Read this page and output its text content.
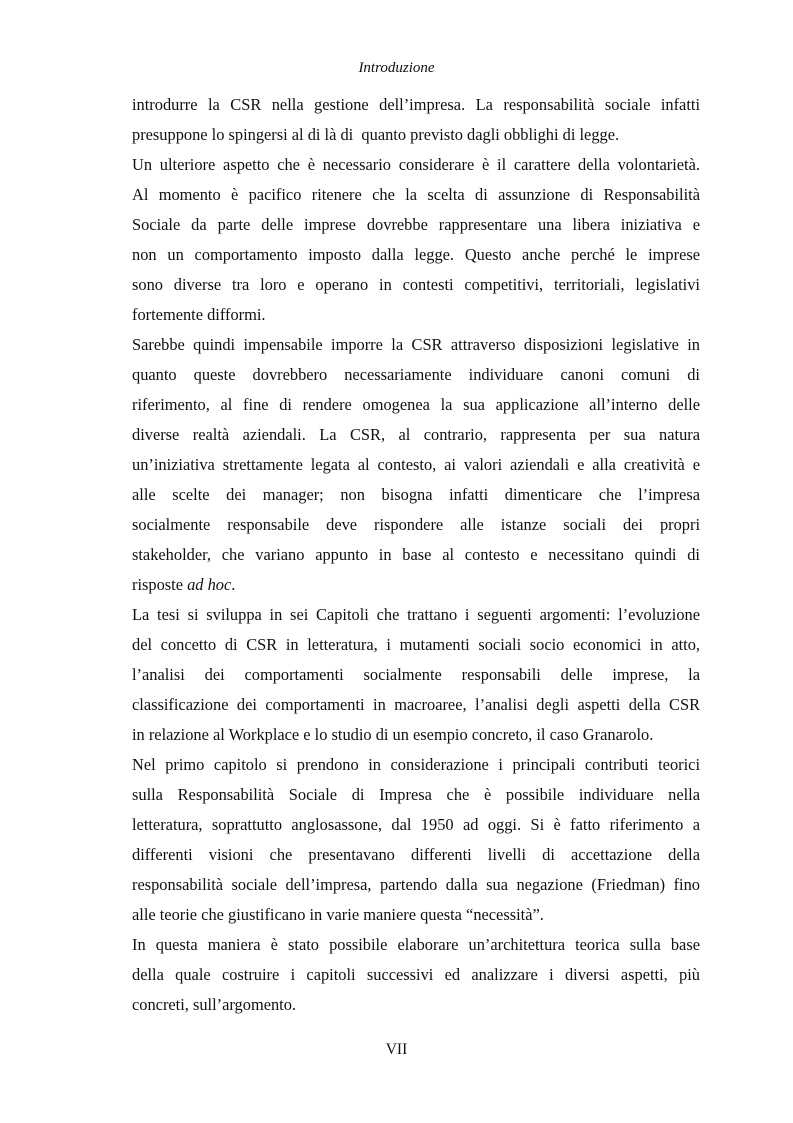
Introduzione
introdurre la CSR nella gestione dell’impresa. La responsabilità sociale infatti
presuppone lo spingersi al di là di  quanto previsto dagli obblighi di legge.
Un ulteriore aspetto che è necessario considerare è il carattere della volontarietà.
Al momento è pacifico ritenere che la scelta di assunzione di Responsabilità
Sociale da parte delle imprese dovrebbe rappresentare una libera iniziativa e
non un comportamento imposto dalla legge. Questo anche perché le imprese
sono diverse tra loro e operano in contesti competitivi, territoriali, legislativi
fortemente difformi.
Sarebbe quindi impensabile imporre la CSR attraverso disposizioni legislative in
quanto queste dovrebbero necessariamente individuare canoni comuni di
riferimento, al fine di rendere omogenea la sua applicazione all’interno delle
diverse realtà aziendali. La CSR, al contrario, rappresenta per sua natura
un’iniziativa strettamente legata al contesto, ai valori aziendali e alla creatività e
alle scelte dei manager; non bisogna infatti dimenticare che l’impresa
socialmente responsabile deve rispondere alle istanze sociali dei propri
stakeholder, che variano appunto in base al contesto e necessitano quindi di
risposte ad hoc.
La tesi si sviluppa in sei Capitoli che trattano i seguenti argomenti: l’evoluzione
del concetto di CSR in letteratura, i mutamenti sociali socio economici in atto,
l’analisi dei comportamenti socialmente responsabili delle imprese, la
classificazione dei comportamenti in macroaree, l’analisi degli aspetti della CSR
in relazione al Workplace e lo studio di un esempio concreto, il caso Granarolo.
Nel primo capitolo si prendono in considerazione i principali contributi teorici
sulla Responsabilità Sociale di Impresa che è possibile individuare nella
letteratura, soprattutto anglosassone, dal 1950 ad oggi. Si è fatto riferimento a
differenti visioni che presentavano differenti livelli di accettazione della
responsabilità sociale dell’impresa, partendo dalla sua negazione (Friedman) fino
alle teorie che giustificano in varie maniere questa “necessità”.
In questa maniera è stato possibile elaborare un’architettura teorica sulla base
della quale costruire i capitoli successivi ed analizzare i diversi aspetti, più
concreti, sull’argomento.
VII
